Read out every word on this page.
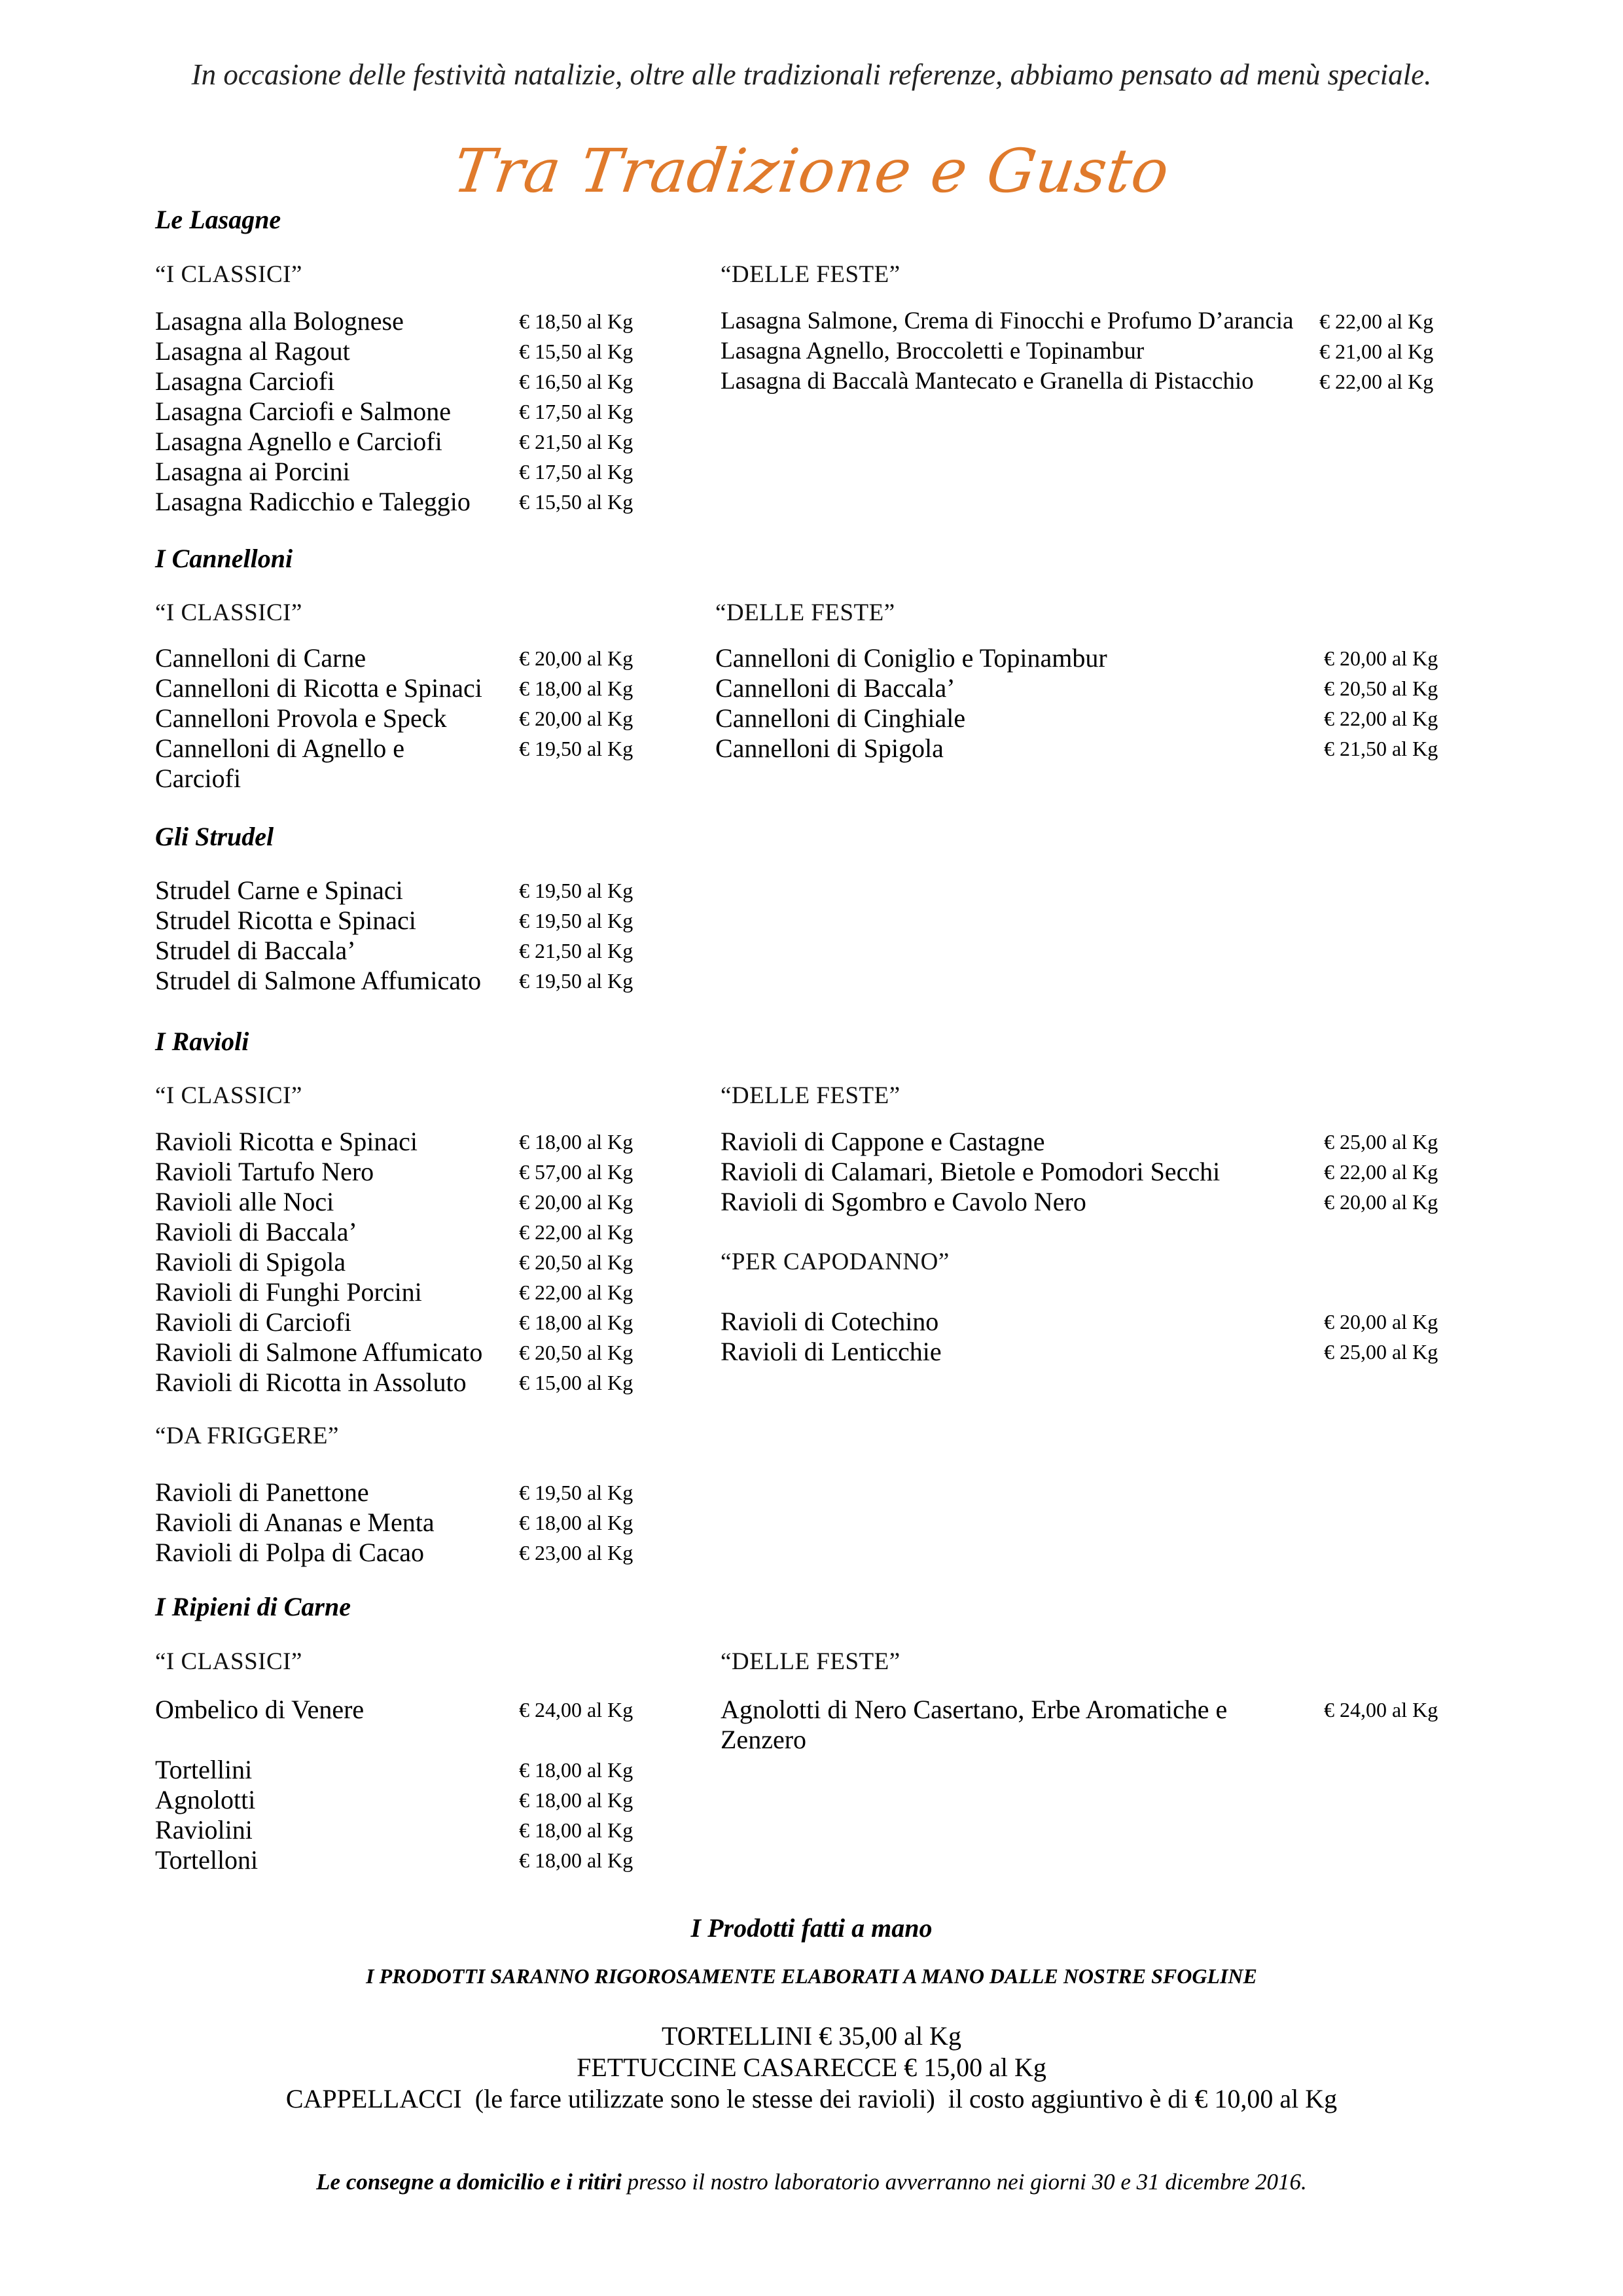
In occasione delle festività natalizie, oltre alle tradizionali referenze, abbiamo pensato ad menù speciale.
Tra Tradizione e Gusto
Le Lasagne
“I CLASSICI”	“DELLE FESTE”
Lasagna alla Bolognese	€ 18,50 al Kg
Lasagna al Ragout	€ 15,50 al Kg
Lasagna Carciofi	€ 16,50 al Kg
Lasagna Carciofi e Salmone	€ 17,50 al Kg
Lasagna Agnello e Carciofi	€ 21,50 al Kg
Lasagna ai Porcini	€ 17,50 al Kg
Lasagna Radicchio e Taleggio € 15,50 al Kg
Lasagna Salmone, Crema di Finocchi e Profumo D’arancia € 22,00 al Kg
Lasagna Agnello, Broccoletti e Topinambur	€ 21,00 al Kg
Lasagna di Baccalà Mantecato e Granella di Pistacchio	€ 22,00 al Kg
I Cannelloni
“I CLASSICI”	“DELLE FESTE”
Cannelloni di Carne	€ 20,00 al Kg
Cannelloni di Ricotta e Spinaci € 18,00 al Kg
Cannelloni Provola e Speck	€ 20,00 al Kg
Cannelloni di Agnello e	€ 19,50 al Kg
Carciofi
Cannelloni di Coniglio e Topinambur	€ 20,00 al Kg
Cannelloni di Baccala’	€ 20,50 al Kg
Cannelloni di Cinghiale	€ 22,00 al Kg
Cannelloni di Spigola	€ 21,50 al Kg
Gli Strudel
Strudel Carne e Spinaci	€ 19,50 al Kg
Strudel Ricotta e Spinaci	€ 19,50 al Kg
Strudel di Baccala’	€ 21,50 al Kg
Strudel di Salmone Affumicato € 19,50 al Kg
I Ravioli
“I CLASSICI”	“DELLE FESTE”
Ravioli Ricotta e Spinaci	€ 18,00 al Kg
Ravioli Tartufo Nero	€ 57,00 al Kg
Ravioli alle Noci	€ 20,00 al Kg
Ravioli di Baccala’	€ 22,00 al Kg
Ravioli di Spigola	€ 20,50 al Kg
Ravioli di Funghi Porcini	€ 22,00 al Kg
Ravioli di Carciofi	€ 18,00 al Kg
Ravioli di Salmone Affumicato € 20,50 al Kg
Ravioli di Ricotta in Assoluto	€ 15,00 al Kg
Ravioli di Cappone e Castagne	€ 25,00 al Kg
Ravioli di Calamari, Bietole e Pomodori Secchi	€ 22,00 al Kg
Ravioli di Sgombro e Cavolo Nero	€ 20,00 al Kg
“PER CAPODANNO”
Ravioli di Cotechino	€ 20,00 al Kg
Ravioli di Lenticchie	€ 25,00 al Kg
“DA FRIGGERE”
Ravioli di Panettone	€ 19,50 al Kg
Ravioli di Ananas e Menta	€ 18,00 al Kg
Ravioli di Polpa di Cacao	€ 23,00 al Kg
I Ripieni di Carne
“I CLASSICI”	“DELLE FESTE”
Ombelico di Venere	€ 24,00 al Kg
Tortellini	€ 18,00 al Kg
Agnolotti	€ 18,00 al Kg
Raviolini	€ 18,00 al Kg
Tortelloni	€ 18,00 al Kg
Agnolotti di Nero Casertano, Erbe Aromatiche e	€ 24,00 al Kg
Zenzero
I Prodotti fatti a mano
I PRODOTTI SARANNO RIGOROSAMENTE ELABORATI A MANO DALLE NOSTRE SFOGLINE
TORTELLINI € 35,00 al Kg
FETTUCCINE CASARECCE € 15,00 al Kg
CAPPELLACCI  (le farce utilizzate sono le stesse dei ravioli)  il costo aggiuntivo è di € 10,00 al Kg
Le consegne a domicilio e i ritiri presso il nostro laboratorio avverranno nei giorni 30 e 31 dicembre 2016.
